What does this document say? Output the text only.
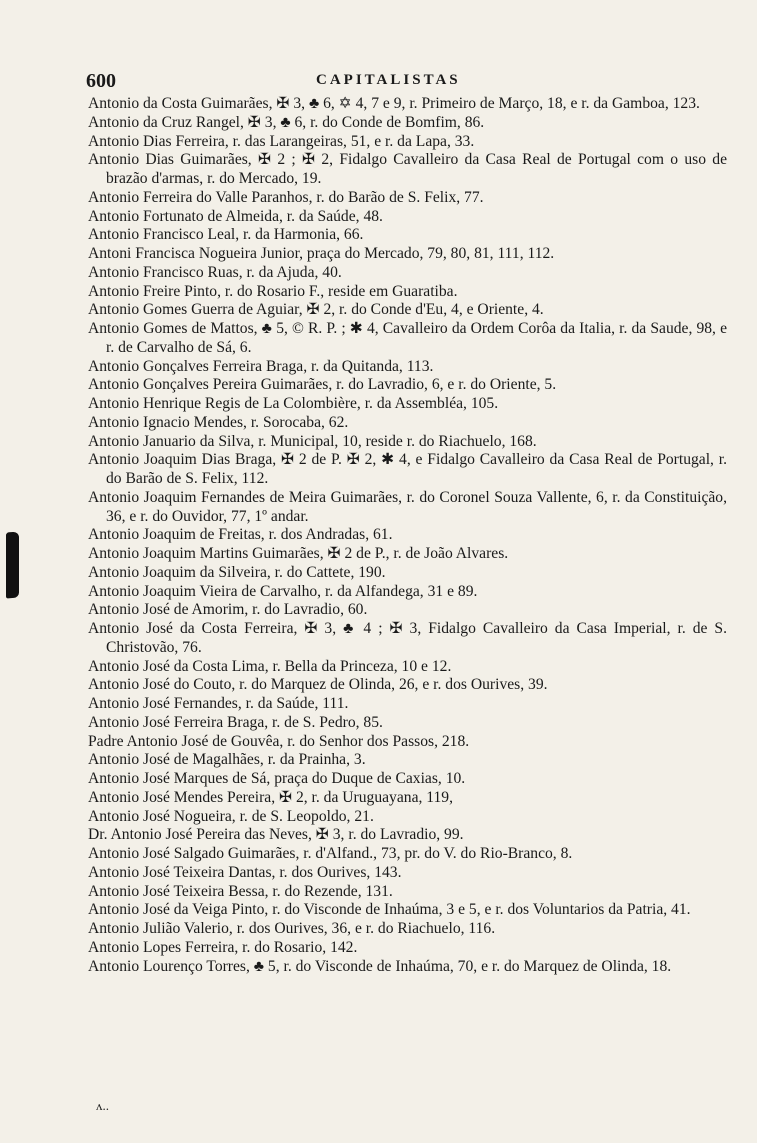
600	CAPITALISTAS
Antonio da Costa Guimarães, ✠ 3, ♣ 6, ✡ 4, 7 e 9, r. Primeiro de Março, 18, e r. da Gamboa, 123.
Antonio da Cruz Rangel, ✠ 3, ♣ 6, r. do Conde de Bomfim, 86.
Antonio Dias Ferreira, r. das Larangeiras, 51, e r. da Lapa, 33.
Antonio Dias Guimarães, ✠ 2 ; ✠ 2, Fidalgo Cavalleiro da Casa Real de Portugal com o uso de brazão d'armas, r. do Mercado, 19.
Antonio Ferreira do Valle Paranhos, r. do Barão de S. Felix, 77.
Antonio Fortunato de Almeida, r. da Saúde, 48.
Antonio Francisco Leal, r. da Harmonia, 66.
Antoni Francisca Nogueira Junior, praça do Mercado, 79, 80, 81, 111, 112.
Antonio Francisco Ruas, r. da Ajuda, 40.
Antonio Freire Pinto, r. do Rosario F., reside em Guaratiba.
Antonio Gomes Guerra de Aguiar, ✠ 2, r. do Conde d'Eu, 4, e Oriente, 4.
Antonio Gomes de Mattos, ♣ 5, © R. P. ; ✱ 4, Cavalleiro da Ordem Corôa da Italia, r. da Saude, 98, e r. de Carvalho de Sá, 6.
Antonio Gonçalves Ferreira Braga, r. da Quitanda, 113.
Antonio Gonçalves Pereira Guimarães, r. do Lavradio, 6, e r. do Oriente, 5.
Antonio Henrique Regis de La Colombière, r. da Assembléa, 105.
Antonio Ignacio Mendes, r. Sorocaba, 62.
Antonio Januario da Silva, r. Municipal, 10, reside r. do Riachuelo, 168.
Antonio Joaquim Dias Braga, ✠ 2 de P. ✠ 2, ✱ 4, e Fidalgo Cavalleiro da Casa Real de Portugal, r. do Barão de S. Felix, 112.
Antonio Joaquim Fernandes de Meira Guimarães, r. do Coronel Souza Vallente, 6, r. da Constituição, 36, e r. do Ouvidor, 77, 1º andar.
Antonio Joaquim de Freitas, r. dos Andradas, 61.
Antonio Joaquim Martins Guimarães, ✠ 2 de P., r. de João Alvares.
Antonio Joaquim da Silveira, r. do Cattete, 190.
Antonio Joaquim Vieira de Carvalho, r. da Alfandega, 31 e 89.
Antonio José de Amorim, r. do Lavradio, 60.
Antonio José da Costa Ferreira, ✠ 3, ♣ 4 ; ✠ 3, Fidalgo Cavalleiro da Casa Imperial, r. de S. Christovão, 76.
Antonio José da Costa Lima, r. Bella da Princeza, 10 e 12.
Antonio José do Couto, r. do Marquez de Olinda, 26, e r. dos Ourives, 39.
Antonio José Fernandes, r. da Saúde, 111.
Antonio José Ferreira Braga, r. de S. Pedro, 85.
Padre Antonio José de Gouvêa, r. do Senhor dos Passos, 218.
Antonio José de Magalhães, r. da Prainha, 3.
Antonio José Marques de Sá, praça do Duque de Caxias, 10.
Antonio José Mendes Pereira, ✠ 2, r. da Uruguayana, 119,
Antonio José Nogueira, r. de S. Leopoldo, 21.
Dr. Antonio José Pereira das Neves, ✠ 3, r. do Lavradio, 99.
Antonio José Salgado Guimarães, r. d'Alfand., 73, pr. do V. do Rio-Branco, 8.
Antonio José Teixeira Dantas, r. dos Ourives, 143.
Antonio José Teixeira Bessa, r. do Rezende, 131.
Antonio José da Veiga Pinto, r. do Visconde de Inhaúma, 3 e 5, e r. dos Voluntarios da Patria, 41.
Antonio Julião Valerio, r. dos Ourives, 36, e r. do Riachuelo, 116.
Antonio Lopes Ferreira, r. do Rosario, 142.
Antonio Lourenço Torres, ♣ 5, r. do Visconde de Inhaúma, 70, e r. do Marquez de Olinda, 18.
ʌ..
